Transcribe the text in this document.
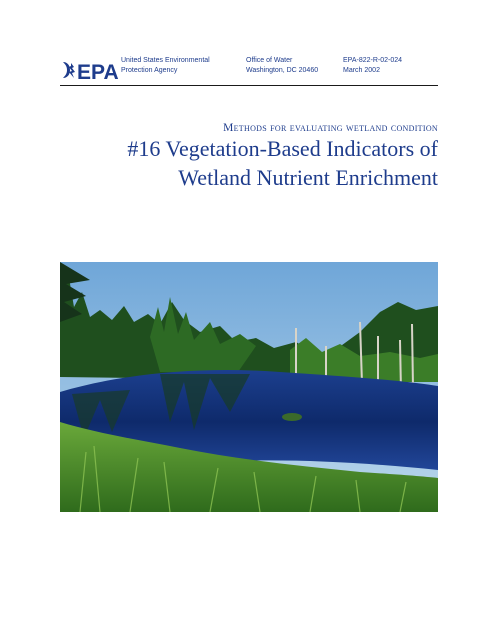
EPA
United States Environmental
Protection Agency
Office of Water
Washington, DC 20460
EPA-822-R-02-024
March 2002
Methods for evaluating wetland condition
#16 Vegetation-Based Indicators of
Wetland Nutrient Enrichment
